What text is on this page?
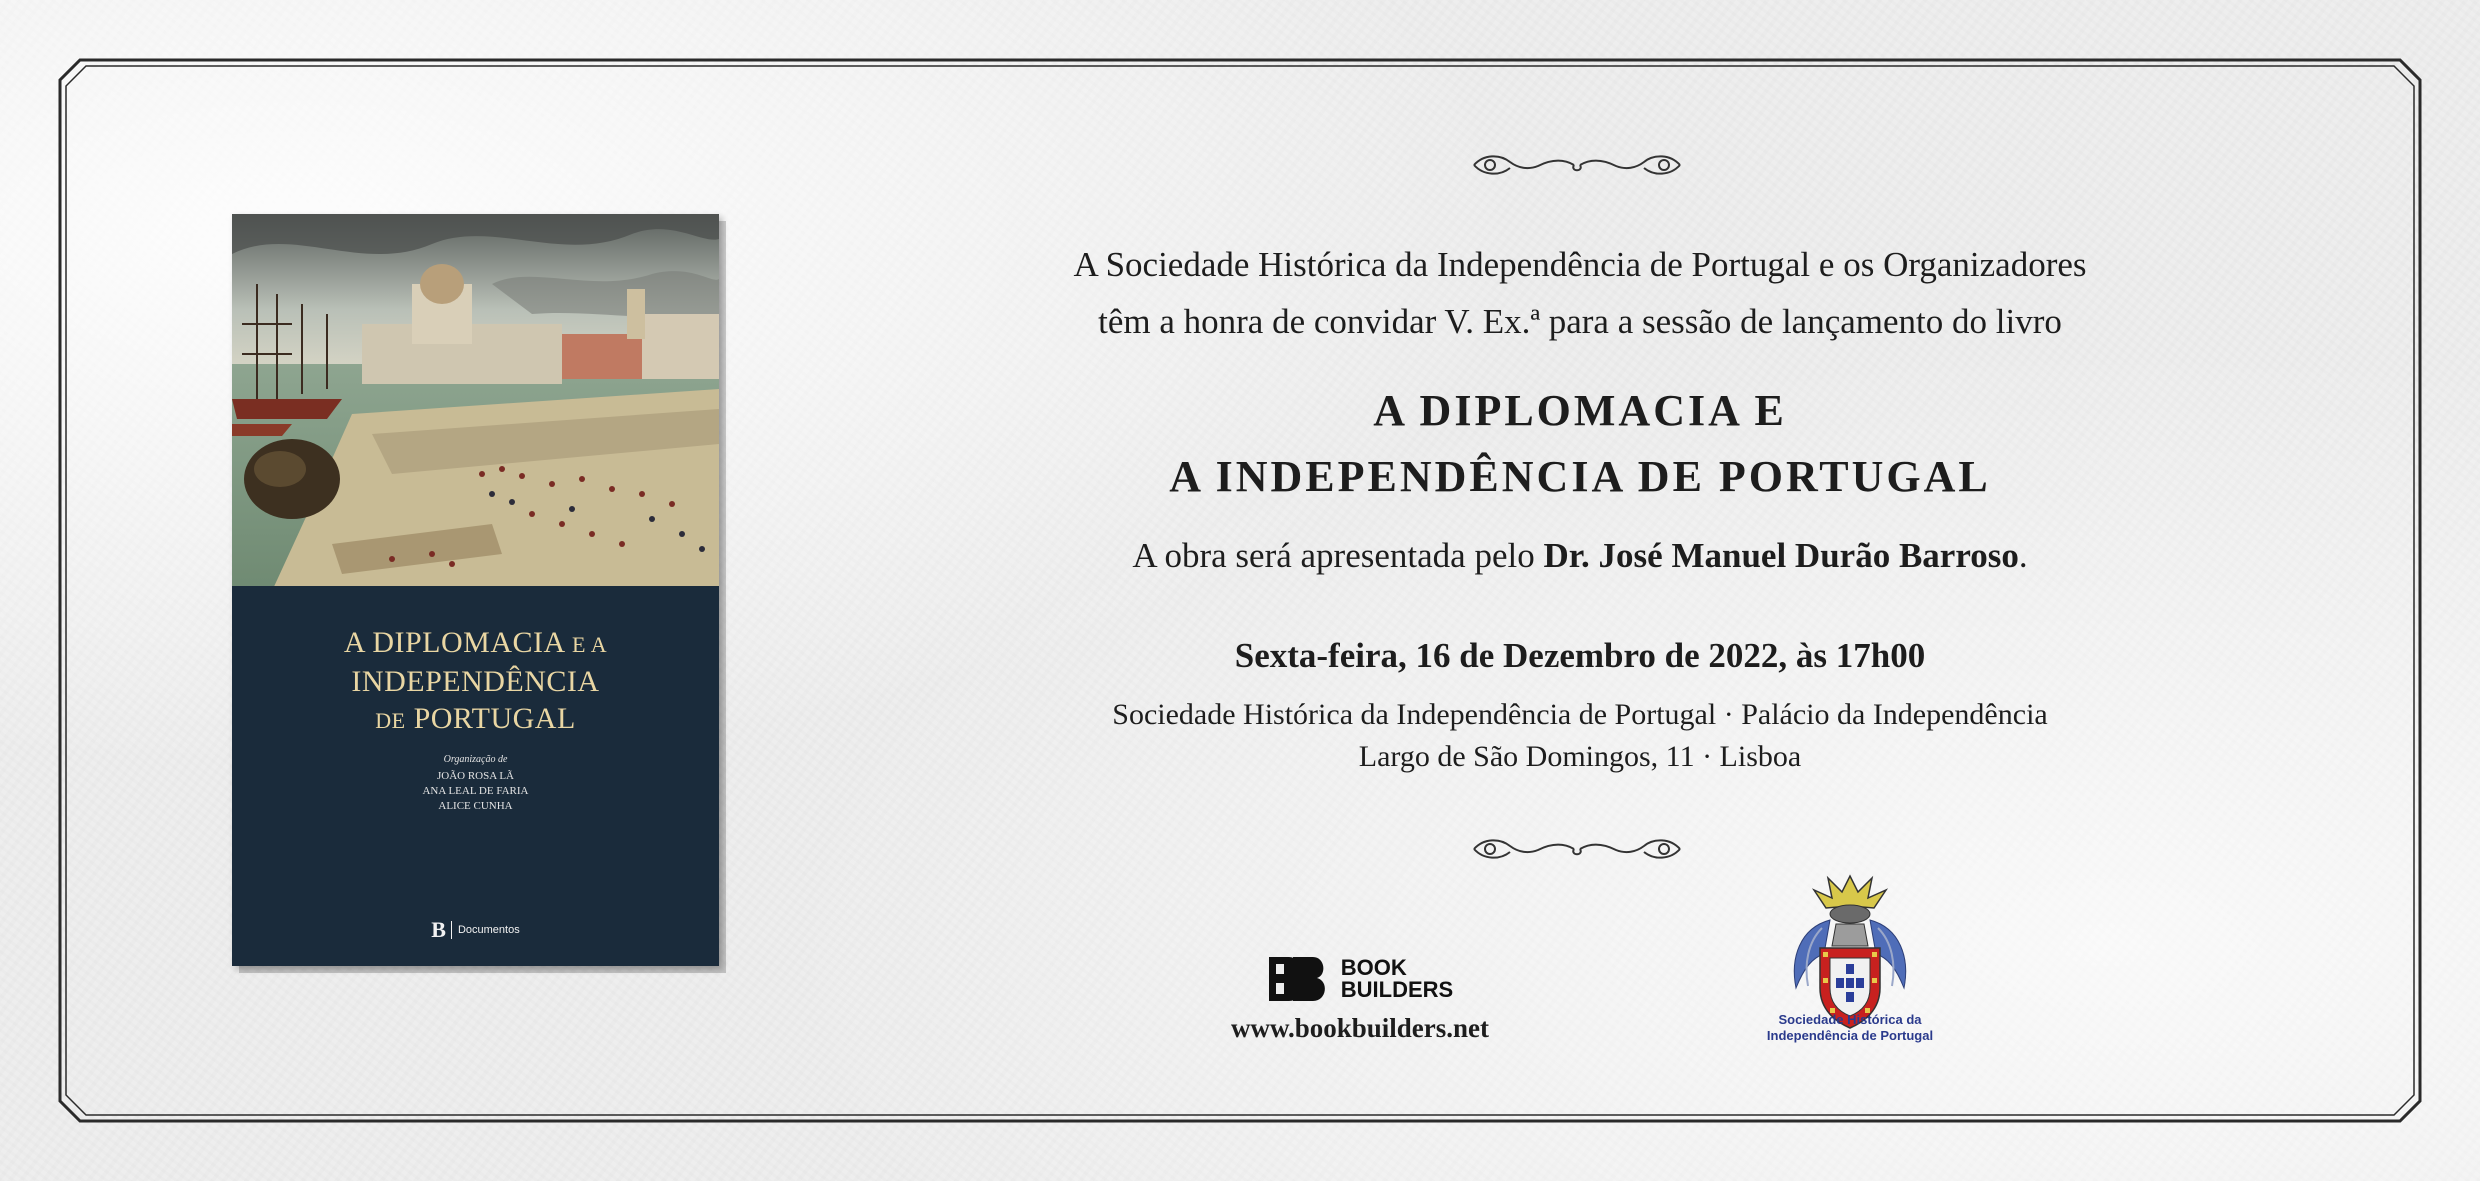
A DIPLOMACIA E A
INDEPENDÊNCIA
DE PORTUGAL
Organização de
JOÃO ROSA LÃ
ANA LEAL DE FARIA
ALICE CUNHA
B Documentos
A Sociedade Histórica da Independência de Portugal e os Organizadores
têm a honra de convidar V. Ex.ª para a sessão de lançamento do livro
A DIPLOMACIA E
A INDEPENDÊNCIA DE PORTUGAL
A obra será apresentada pelo Dr. José Manuel Durão Barroso.
Sexta-feira, 16 de Dezembro de 2022, às 17h00
Sociedade Histórica da Independência de Portugal · Palácio da Independência
Largo de São Domingos, 11 · Lisboa

BOOK
BUILDERS
www.bookbuilders.net	Sociedade Histórica da
Independência de Portugal
